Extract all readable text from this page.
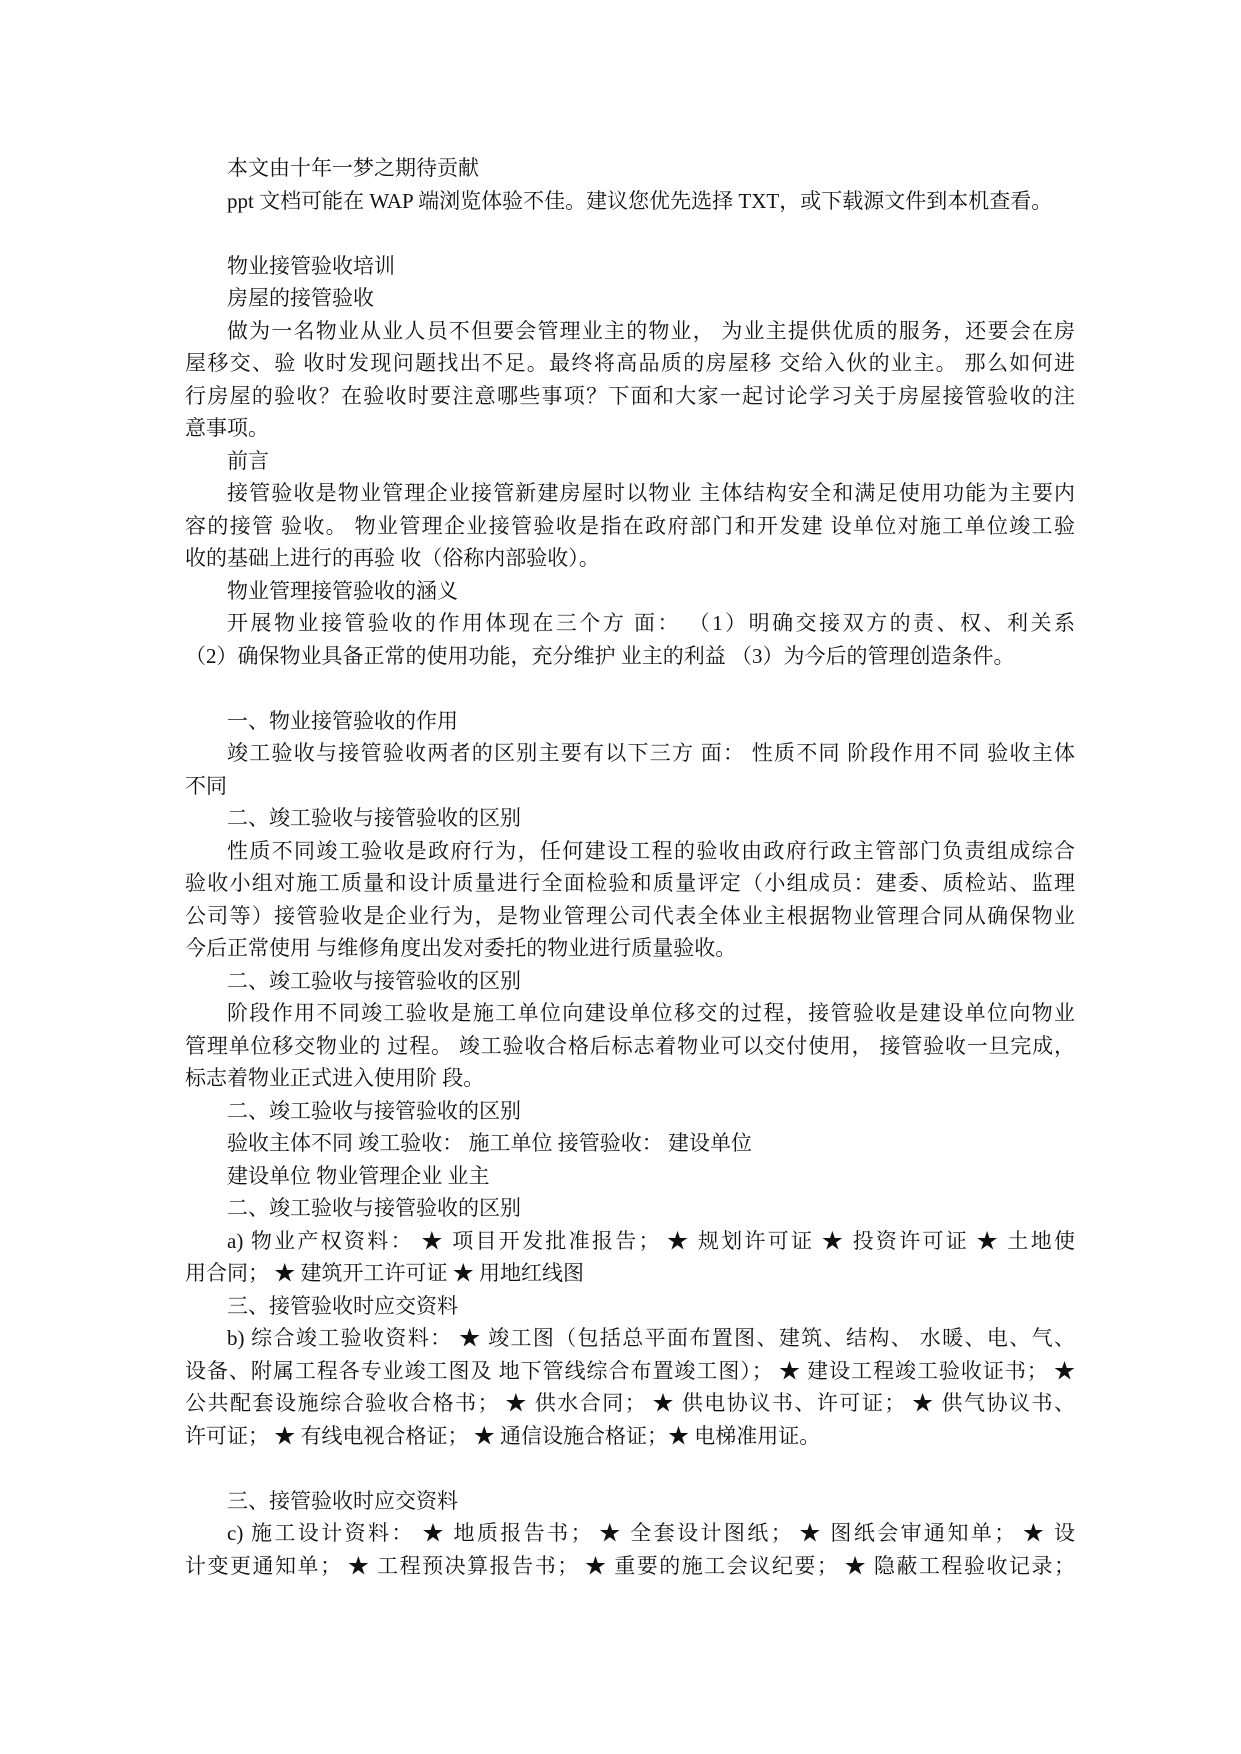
本文由十年一梦之期待贡献
ppt 文档可能在 WAP 端浏览体验不佳。建议您优先选择 TXT，或下载源文件到本机查看。
物业接管验收培训
房屋的接管验收
做为一名物业从业人员不但要会管理业主的物业， 为业主提供优质的服务，还要会在房
屋移交、验 收时发现问题找出不足。最终将高品质的房屋移 交给入伙的业主。 那么如何进
行房屋的验收？在验收时要注意哪些事项？下面和大家一起讨论学习关于房屋接管验收的注
意事项。
前言
接管验收是物业管理企业接管新建房屋时以物业 主体结构安全和满足使用功能为主要内
容的接管 验收。 物业管理企业接管验收是指在政府部门和开发建 设单位对施工单位竣工验
收的基础上进行的再验 收（俗称内部验收）。
物业管理接管验收的涵义
开展物业接管验收的作用体现在三个方 面： （1）明确交接双方的责、权、利关系
（2）确保物业具备正常的使用功能，充分维护 业主的利益 （3）为今后的管理创造条件。
一、物业接管验收的作用
竣工验收与接管验收两者的区别主要有以下三方 面： 性质不同 阶段作用不同 验收主体
不同
二、竣工验收与接管验收的区别
性质不同竣工验收是政府行为，任何建设工程的验收由政府行政主管部门负责组成综合
验收小组对施工质量和设计质量进行全面检验和质量评定（小组成员：建委、质检站、监理
公司等）接管验收是企业行为，是物业管理公司代表全体业主根据物业管理合同从确保物业
今后正常使用 与维修角度出发对委托的物业进行质量验收。
二、竣工验收与接管验收的区别
阶段作用不同竣工验收是施工单位向建设单位移交的过程，接管验收是建设单位向物业
管理单位移交物业的 过程。 竣工验收合格后标志着物业可以交付使用， 接管验收一旦完成，
标志着物业正式进入使用阶 段。
二、竣工验收与接管验收的区别
验收主体不同 竣工验收： 施工单位 接管验收： 建设单位
建设单位 物业管理企业 业主
二、竣工验收与接管验收的区别
a) 物业产权资料： ★ 项目开发批准报告； ★ 规划许可证 ★ 投资许可证 ★ 土地使
用合同； ★ 建筑开工许可证 ★ 用地红线图
三、接管验收时应交资料
b) 综合竣工验收资料： ★ 竣工图（包括总平面布置图、建筑、结构、 水暖、电、气、
设备、附属工程各专业竣工图及 地下管线综合布置竣工图）； ★ 建设工程竣工验收证书； ★
公共配套设施综合验收合格书； ★ 供水合同； ★ 供电协议书、许可证； ★ 供气协议书、
许可证； ★ 有线电视合格证； ★ 通信设施合格证；★ 电梯准用证。
三、接管验收时应交资料
c) 施工设计资料： ★ 地质报告书； ★ 全套设计图纸； ★ 图纸会审通知单； ★ 设
计变更通知单； ★ 工程预决算报告书； ★ 重要的施工会议纪要； ★ 隐蔽工程验收记录；
